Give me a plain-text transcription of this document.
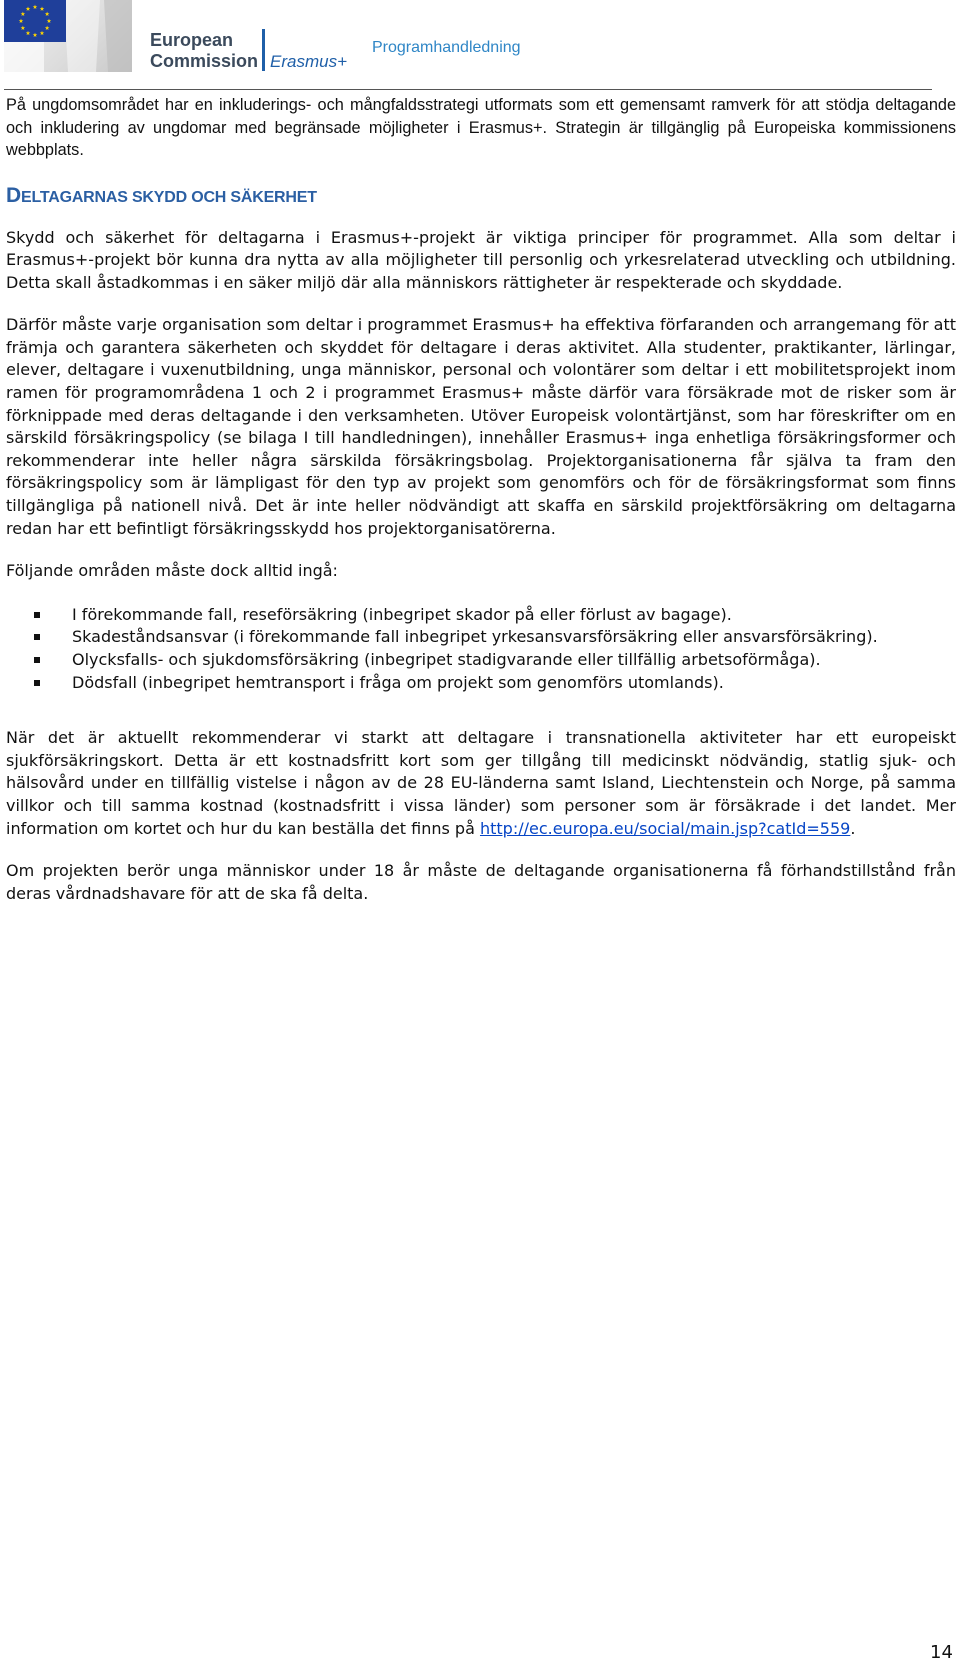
European
Commission Erasmus+
Programhandledning

På ungdomsområdet har en inkluderings- och mångfaldsstrategi utformats som ett gemensamt ramverk för att stödja deltagande och inkludering av ungdomar med begränsade möjligheter i Erasmus+. Strategin är tillgänglig på Europeiska kommissionens webbplats.

DELTAGARNAS SKYDD OCH SÄKERHET

Skydd och säkerhet för deltagarna i Erasmus+-projekt är viktiga principer för programmet. Alla som deltar i Erasmus+-projekt bör kunna dra nytta av alla möjligheter till personlig och yrkesrelaterad utveckling och utbildning. Detta skall åstadkommas i en säker miljö där alla människors rättigheter är respekterade och skyddade.

Därför måste varje organisation som deltar i programmet Erasmus+ ha effektiva förfaranden och arrangemang för att främja och garantera säkerheten och skyddet för deltagare i deras aktivitet. Alla studenter, praktikanter, lärlingar, elever, deltagare i vuxenutbildning, unga människor, personal och volontärer som deltar i ett mobilitetsprojekt inom ramen för programområdena 1 och 2 i programmet Erasmus+ måste därför vara försäkrade mot de risker som är förknippade med deras deltagande i den verksamheten. Utöver Europeisk volontärtjänst, som har föreskrifter om en särskild försäkringspolicy (se bilaga I till handledningen), innehåller Erasmus+ inga enhetliga försäkringsformer och rekommenderar inte heller några särskilda försäkringsbolag. Projektorganisationerna får själva ta fram den försäkringspolicy som är lämpligast för den typ av projekt som genomförs och för de försäkringsformat som finns tillgängliga på nationell nivå. Det är inte heller nödvändigt att skaffa en särskild projektförsäkring om deltagarna redan har ett befintligt försäkringsskydd hos projektorganisatörerna.

Följande områden måste dock alltid ingå:

I förekommande fall, reseförsäkring (inbegripet skador på eller förlust av bagage).
Skadeståndsansvar (i förekommande fall inbegripet yrkesansvarsförsäkring eller ansvarsförsäkring).
Olycksfalls- och sjukdomsförsäkring (inbegripet stadigvarande eller tillfällig arbetsoförmåga).
Dödsfall (inbegripet hemtransport i fråga om projekt som genomförs utomlands).

När det är aktuellt rekommenderar vi starkt att deltagare i transnationella aktiviteter har ett europeiskt sjukförsäkringskort. Detta är ett kostnadsfritt kort som ger tillgång till medicinskt nödvändig, statlig sjuk- och hälsovård under en tillfällig vistelse i någon av de 28 EU-länderna samt Island, Liechtenstein och Norge, på samma villkor och till samma kostnad (kostnadsfritt i vissa länder) som personer som är försäkrade i det landet. Mer information om kortet och hur du kan beställa det finns på http://ec.europa.eu/social/main.jsp?catId=559.

Om projekten berör unga människor under 18 år måste de deltagande organisationerna få förhandstillstånd från deras vårdnadshavare för att de ska få delta.

14
